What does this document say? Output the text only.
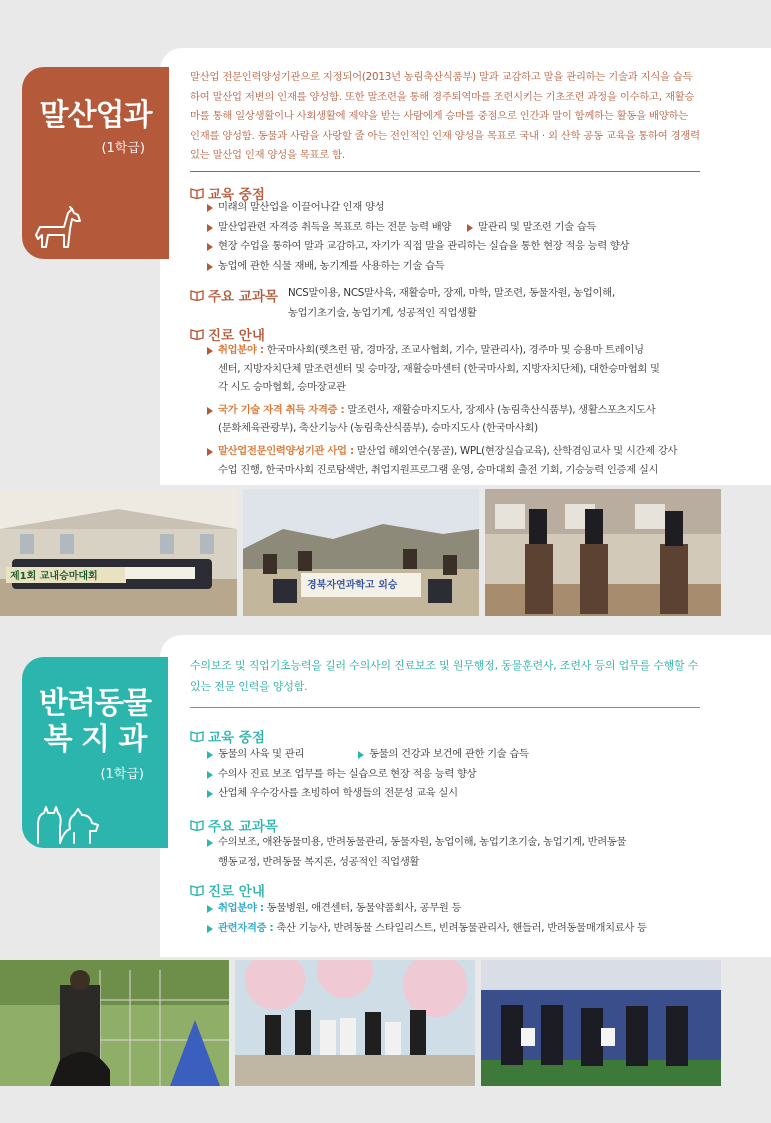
말산업과
(1학급)
말산업 전문인력양성기관으로 지정되어(2013년 농림축산식품부) 말과 교감하고 말을 관리하는 기술과 지식을 습득하여 말산업 저변의 인재를 양성함. 또한 말조련을 통해 경주퇴역마를 조련시키는 기초조련 과정을 이수하고, 재활승마를 통해 일상생활이나 사회생활에 제약을 받는 사람에게 승마를 중점으로 인간과 말이 함께하는 활동을 배양하는 인재를 양성함. 동물과 사람을 사랑할 줄 아는 전인적인 인재 양성을 목표로 국내 · 외 산학 공동 교육을 통하여 경쟁력 있는 말산업 인재 양성을 목표로 함.
교육 중점
미래의 말산업을 이끌어나갈 인재 양성
말산업관련 자격증 취득을 목표로 하는 전문 능력 배양	말관리 및 말조련 기술 습득
현장 수업을 통하여 말과 교감하고, 자기가 직접 말을 관리하는 실습을 통한 현장 적응 능력 향상
농업에 관한 식물 재배, 농기계를 사용하는 기술 습득
주요 교과목 NCS말이용, NCS말사육, 재활승마, 장제, 마학, 말조련, 동물자원, 농업이해,
농업기초기술, 농업기계, 성공적인 직업생활
진로 안내
취업분야 : 한국마사회(렛츠런 팜, 경마장, 조교사협회, 기수, 말관리사), 경주마 및 승용마 트레이닝
센터, 지방자치단체 말조련센터 및 승마장, 재활승마센터 (한국마사회, 지방자치단체), 대한승마협회 및
각 시도 승마협회, 승마장교관
국가 기술 자격 취득 자격증 : 말조련사, 재활승마지도사, 장제사 (농림축산식품부), 생활스포츠지도사
(문화체육관광부), 축산기능사 (농림축산식품부), 승마지도사 (한국마사회)
말산업전문인력양성기관 사업 : 말산업 해외연수(몽골), WPL(현장실습교육), 산학겸임교사 및 시간제 강사
수업 진행, 한국마사회 진로탐색반, 취업지원프로그램 운영, 승마대회 출전 기회, 기승능력 인증제 실시
제1회 교내승마대회
경북자연과학고 외승
반려동물
복 지 과
(1학급)
수의보조 및 직업기초능력을 길러 수의사의 진료보조 및 원무행정, 동물훈련사, 조련사 등의 업무를 수행할 수 있는 전문 인력을 양성함.
교육 중점
동물의 사육 및 관리	동물의 건강과 보건에 관한 기술 습득
수의사 진료 보조 업무를 하는 실습으로 현장 적응 능력 향상
산업체 우수강사를 초빙하여 학생들의 전문성 교육 실시
주요 교과목
수의보조, 애완동물미용, 반려동물관리, 동물자원, 농업이해, 농업기초기술, 농업기계, 반려동물
행동교정, 반려동물 복지론, 성공적인 직업생활
진로 안내
취업분야 : 동물병원, 애견센터, 동물약품회사, 공무원 등
관련자격증 : 축산 기능사, 반려동물 스타일리스트, 빈려동물관리사, 핸들러, 반려동물매개치료사 등
